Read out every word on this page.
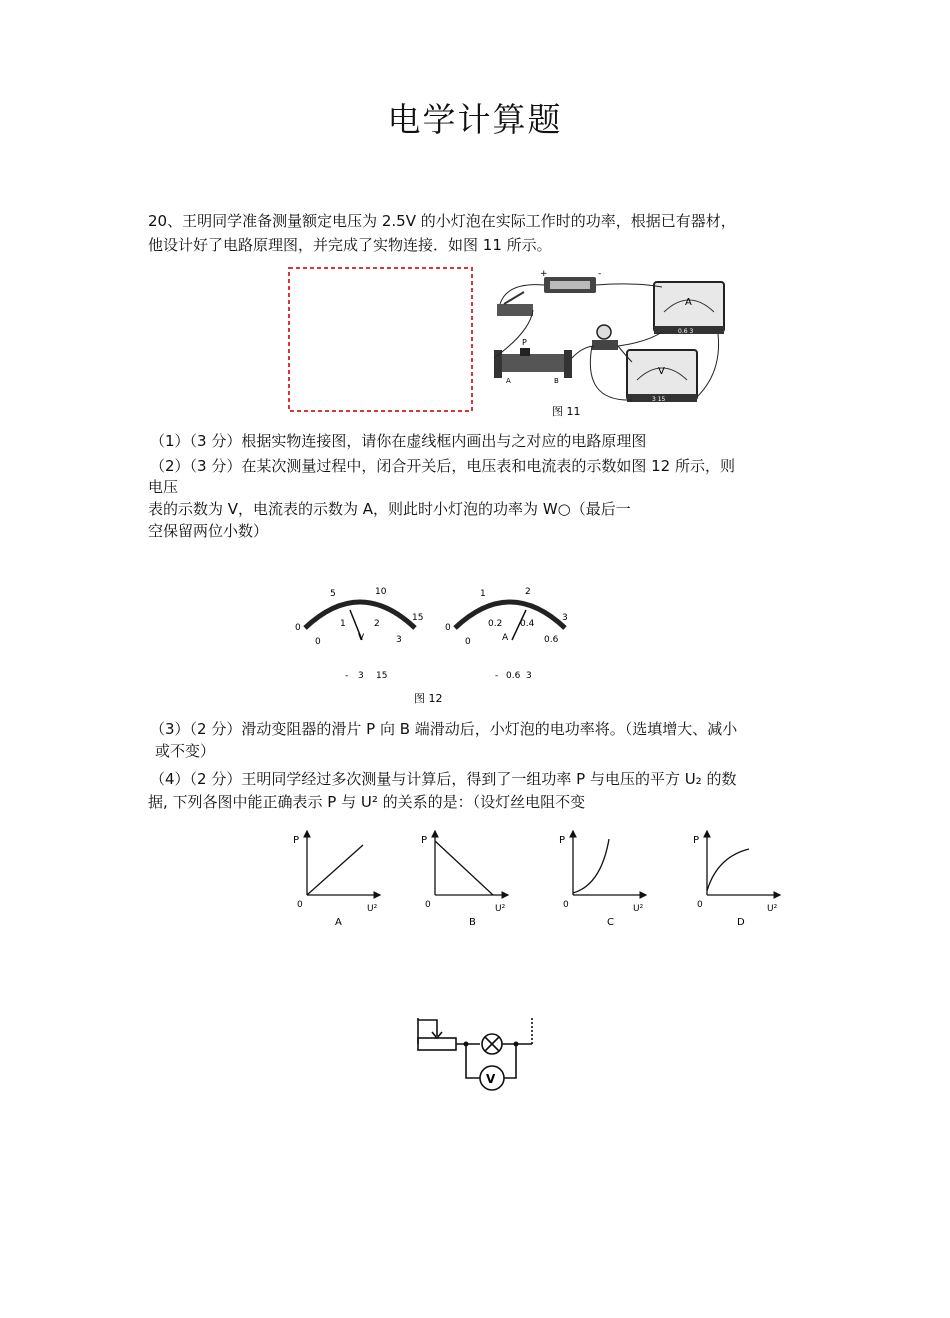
电学计算题
20、王明同学准备测量额定电压为 2.5V 的小灯泡在实际工作时的功率，根据已有器材，
他设计好了电路原理图，并完成了实物连接．如图 11 所示。
+	-
A
0.6 3
P
A	B
V
3 15
图 11
（1）（3 分）根据实物连接图，请你在虚线框内画出与之对应的电路原理图
（2）（3 分）在某次测量过程中，闭合开关后，电压表和电流表的示数如图 12 所示，则
电压
表的示数为 V，电流表的示数为 A，则此时小灯泡的功率为 W○（最后一
空保留两位小数）
0
5	10
15
0
1	2
3
V
- 3 15
0
1	2
3
0
0.2 0.4
0.6
A
- 0.6 3
图 12
（3）（2 分）滑动变阻器的滑片 P 向 B 端滑动后，小灯泡的电功率将。（选填增大、减小
或不变）
（4）（2 分）王明同学经过多次测量与计算后，得到了一组功率 P 与电压的平方 U₂ 的数
据, 下列各图中能正确表示 P 与 U² 的关系的是：（设灯丝电阻不变
P
0	U²
A
P
0	U²
B
P
0	U²
C
P
0	U²
D
V
